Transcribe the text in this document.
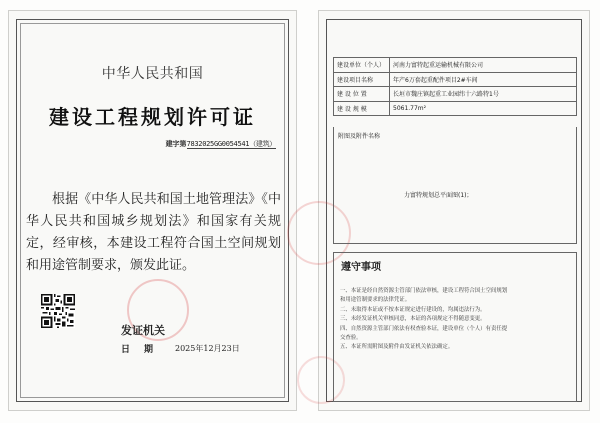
中华人民共和国
建设工程规划许可证
建字第7832025GG0054541（建筑）
根据《中华人民共和国土地管理法》《中华人民共和国城乡规划法》和国家有关规定，经审核，本建设工程符合国土空间规划和用途管制要求，颁发此证。
发证机关
日期 2025年12月23日
建设单位（个人）	河南力富特起重运输机械有限公司
建设项目名称	年产6万套起重配件项目2#车间
建 设 位 置	长垣市魏庄镇起重工业园纬十六路特1号
建 设 规 模	5061.77m²
附图及附件名称
力富特规划总平面图(1)；
遵守事项
一、本证是经自然资源主管部门依法审核，建设工程符合国土空间规划
和用途管制要求的法律凭证。
二、未取得本证或不按本证规定进行建设的，均属违法行为。
三、未经发证机关审核同意，本证的各项规定不得随意变更。
四、自然资源主管部门依法有权查验本证，建设单位（个人）有责任提
交查验。
五、本证所需附图及附件由发证机关依法确定。
